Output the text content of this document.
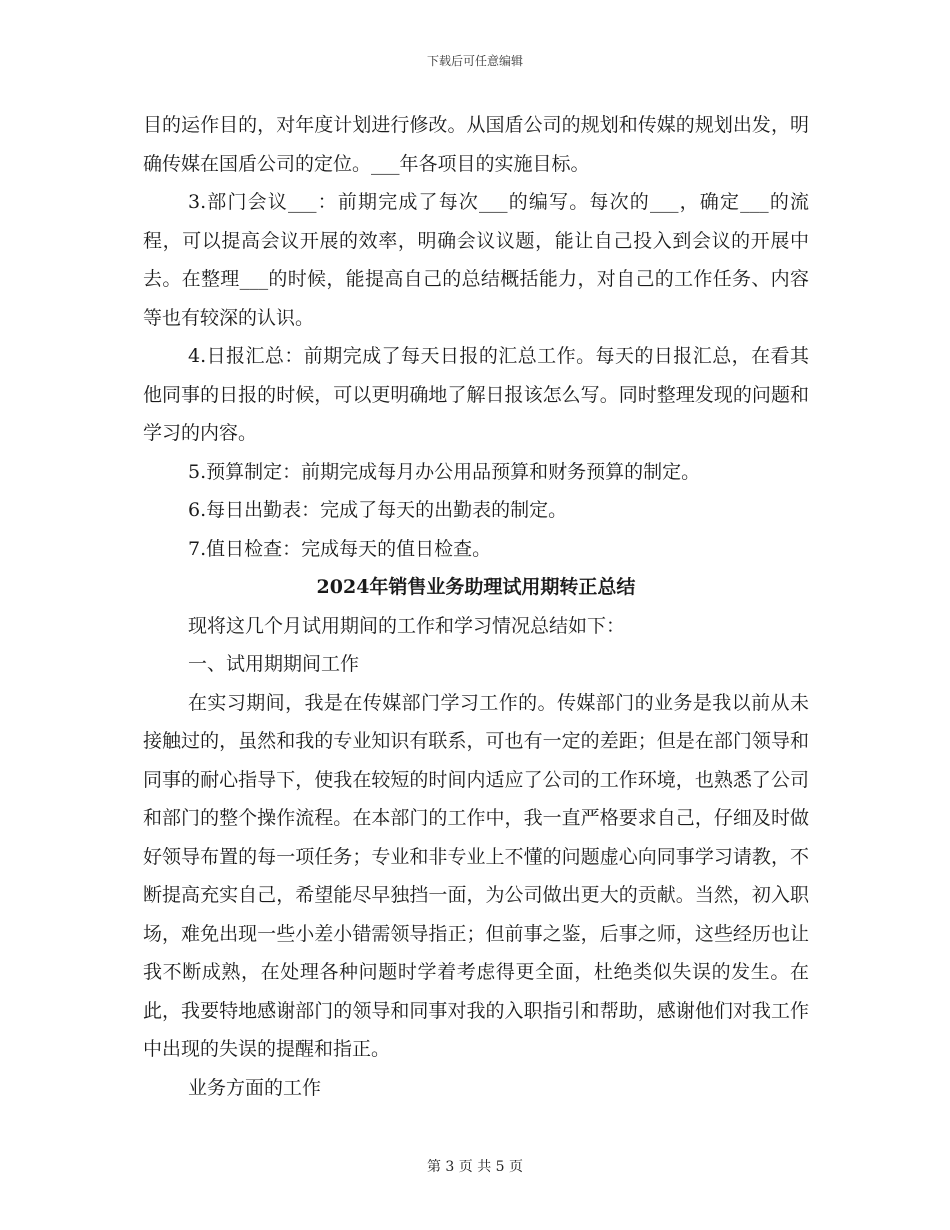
下载后可任意编辑

目的运作目的，对年度计划进行修改。从国盾公司的规划和传媒的规划出发，明确传媒在国盾公司的定位。___年各项目的实施目标。

3.部门会议___：前期完成了每次___的编写。每次的___，确定___的流程，可以提高会议开展的效率，明确会议议题，能让自己投入到会议的开展中去。在整理___的时候，能提高自己的总结概括能力，对自己的工作任务、内容等也有较深的认识。

4.日报汇总：前期完成了每天日报的汇总工作。每天的日报汇总，在看其他同事的日报的时候，可以更明确地了解日报该怎么写。同时整理发现的问题和学习的内容。

5.预算制定：前期完成每月办公用品预算和财务预算的制定。

6.每日出勤表：完成了每天的出勤表的制定。

7.值日检查：完成每天的值日检查。

2024年销售业务助理试用期转正总结

现将这几个月试用期间的工作和学习情况总结如下：

一、试用期期间工作

在实习期间，我是在传媒部门学习工作的。传媒部门的业务是我以前从未接触过的，虽然和我的专业知识有联系，可也有一定的差距；但是在部门领导和同事的耐心指导下，使我在较短的时间内适应了公司的工作环境，也熟悉了公司和部门的整个操作流程。在本部门的工作中，我一直严格要求自己，仔细及时做好领导布置的每一项任务；专业和非专业上不懂的问题虚心向同事学习请教，不断提高充实自己，希望能尽早独挡一面，为公司做出更大的贡献。当然，初入职场，难免出现一些小差小错需领导指正；但前事之鉴，后事之师，这些经历也让我不断成熟，在处理各种问题时学着考虑得更全面，杜绝类似失误的发生。在此，我要特地感谢部门的领导和同事对我的入职指引和帮助，感谢他们对我工作中出现的失误的提醒和指正。

业务方面的工作

第 3 页 共 5 页
